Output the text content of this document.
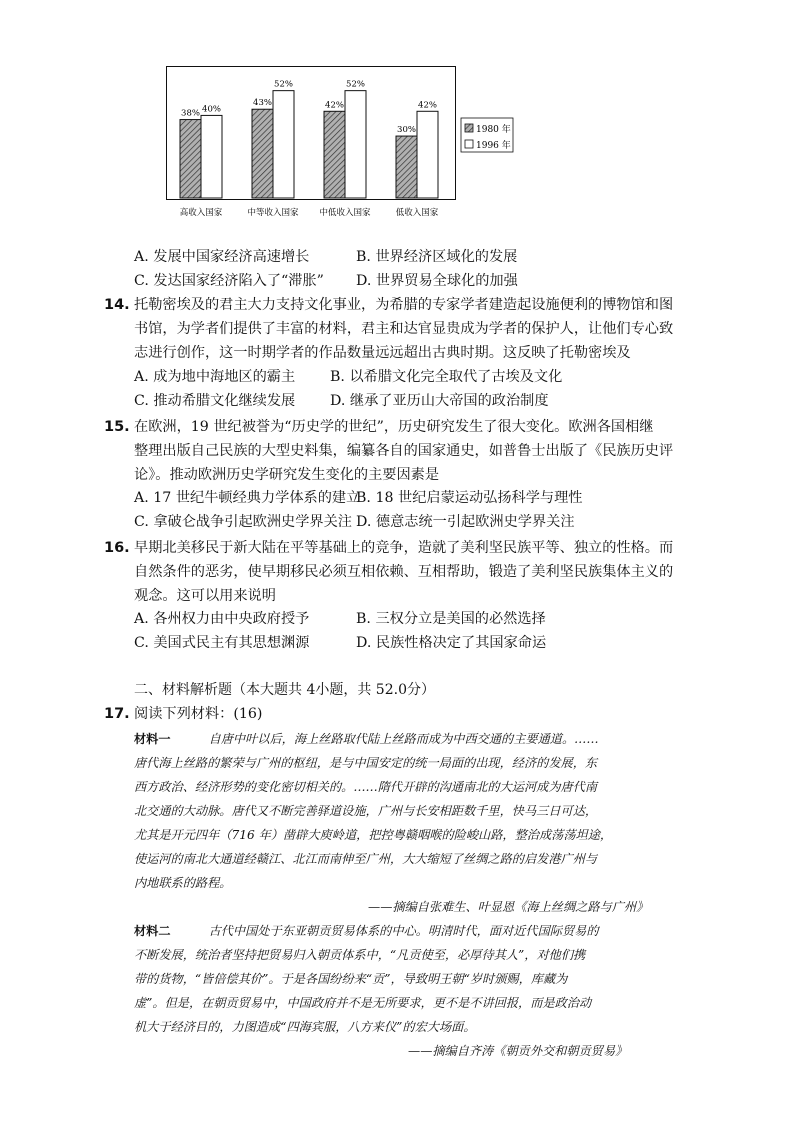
38% 40%
43%
52%
42%
52%
30%
42%
高收入国家	中等收入国家 中低收入国家	低收入国家
1980 年
1996 年
A. 发展中国家经济高速增长	B. 世界经济区域化的发展
C. 发达国家经济陷入了“滞胀” D. 世界贸易全球化的加强
14. 托勒密埃及的君主大力支持文化事业，为希腊的专家学者建造起设施便利的博物馆和图
书馆，为学者们提供了丰富的材料，君主和达官显贵成为学者的保护人，让他们专心致
志进行创作，这一时期学者的作品数量远远超出古典时期。这反映了托勒密埃及
A. 成为地中海地区的霸主 B. 以希腊文化完全取代了古埃及文化
C. 推动希腊文化继续发展 D. 继承了亚历山大帝国的政治制度
15. 在欧洲，19 世纪被誉为“历史学的世纪”，历史研究发生了很大变化。欧洲各国相继
整理出版自己民族的大型史料集，编纂各自的国家通史，如普鲁士出版了《民族历史评
论》。推动欧洲历史学研究发生变化的主要因素是
A. 17 世纪牛顿经典力学体系的建立
B. 18 世纪启蒙运动弘扬科学与理性
C. 拿破仑战争引起欧洲史学界关注 D. 德意志统一引起欧洲史学界关注
16. 早期北美移民于新大陆在平等基础上的竞争，造就了美利坚民族平等、独立的性格。而
自然条件的恶劣，使早期移民必须互相依赖、互相帮助，锻造了美利坚民族集体主义的
观念。这可以用来说明
A. 各州权力由中央政府授予	B. 三权分立是美国的必然选择
C. 美国式民主有其思想渊源	D. 民族性格决定了其国家命运
二、材料解析题（本大题共 4小题，共 52.0分）
17. 阅读下列材料：(16)
材料一	自唐中叶以后，海上丝路取代陆上丝路而成为中西交通的主要通道。……
唐代海上丝路的繁荣与广州的枢纽，是与中国安定的统一局面的出现，经济的发展，东
西方政治、经济形势的变化密切相关的。……隋代开辟的沟通南北的大运河成为唐代南
北交通的大动脉。唐代又不断完善驿道设施，广州与长安相距数千里，快马三日可达，
尤其是开元四年（716 年）凿辟大庾岭道，把控粤赣咽喉的险峻山路，整治成荡荡坦途，
使运河的南北大通道经赣江、北江而南伸至广州，大大缩短了丝绸之路的启发港广州与
内地联系的路程。
——摘编自张难生、叶显恩《海上丝绸之路与广州》
材料二	古代中国处于东亚朝贡贸易体系的中心。明清时代，面对近代国际贸易的
不断发展，统治者坚持把贸易归入朝贡体系中，“凡贡使至，必厚待其人”，对他们携
带的货物，“皆倍偿其价”。于是各国纷纷来“贡”，导致明王朝“岁时颁赐，库藏为
虚”。但是，在朝贡贸易中，中国政府并不是无所要求，更不是不讲回报，而是政治动
机大于经济目的，力图造成“四海宾服，八方来仪”的宏大场面。
——摘编自齐涛《朝贡外交和朝贡贸易》
